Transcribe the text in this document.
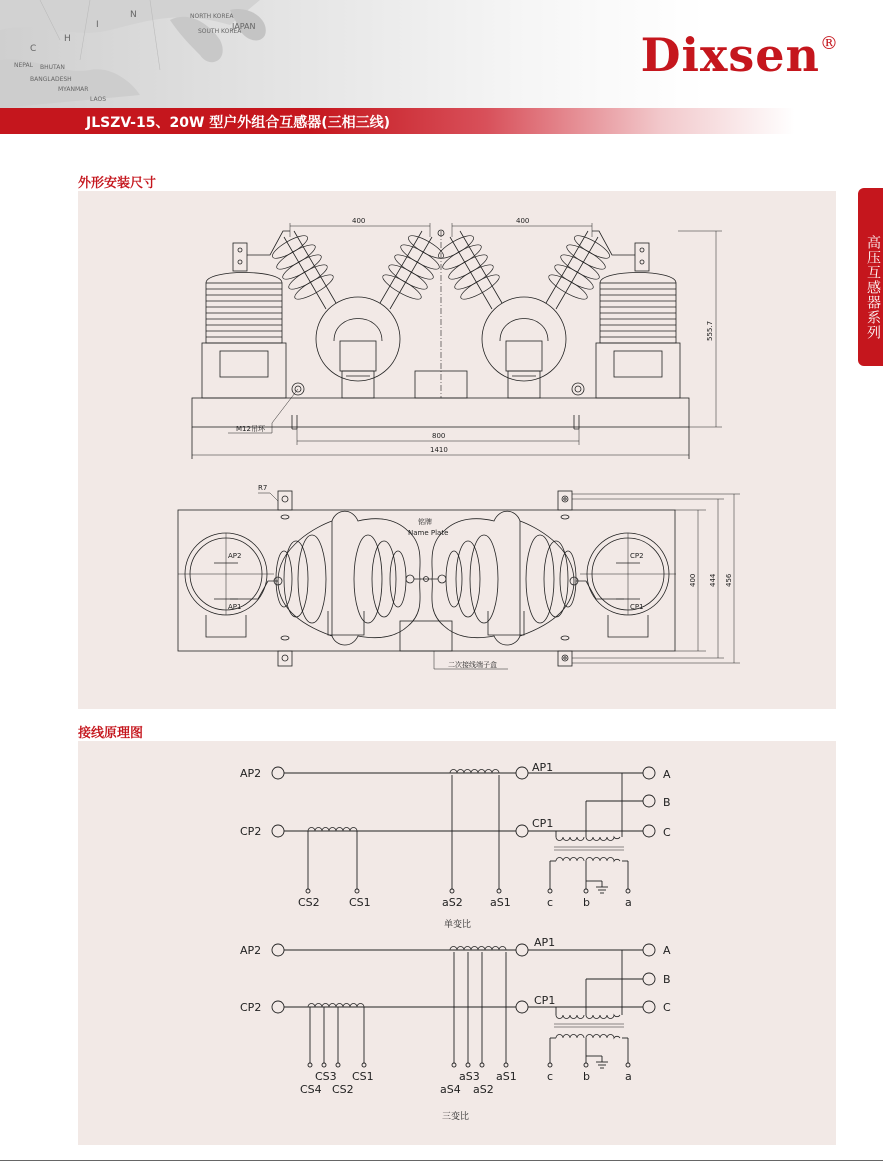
C
H
I
N	NORTH KOREA
JAPAN
SOUTH KOREA
NEPAL BHUTAN
BANGLADESH
MYANMAR
LAOS
Dixsen®
JLSZV-15、20W 型户外组合互感器(三相三线)
高压互感器系列
外形安装尺寸
400	400
555.7
800
1410
M12吊环
R7
铭牌
Name Plate
二次接线端子盒
AP2
AP1
CP2
CP1
400 444 456
接线原理图
AP2
CP2
AP1
CP1
A
B
C
CS2	CS1	aS2 aS1	c	b	a
单变比
AP2
CP2
AP1
CP1
A
B
C
CS3 CS1
CS4 CS2
aS3 aS1
aS4 aS2
c	b	a
三变比
